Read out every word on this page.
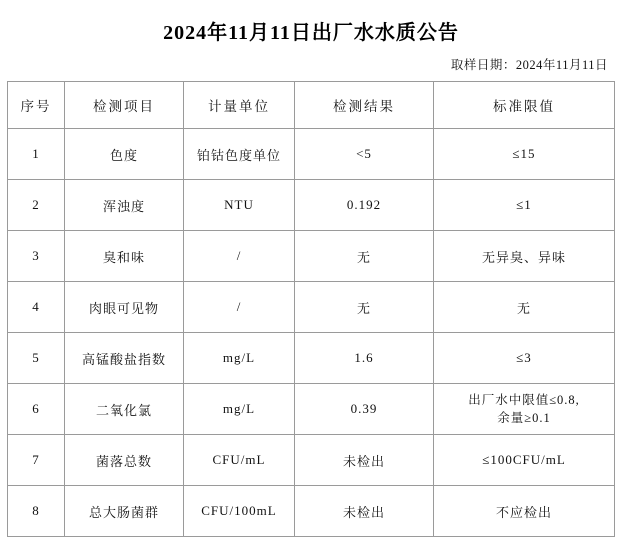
2024年11月11日出厂水水质公告
取样日期：2024年11月11日
序号	检测项目	计量单位	检测结果	标准限值
1	色度	铂钴色度单位	<5	≤15
2	浑浊度	NTU	0.192	≤1
3	臭和味	/	无	无异臭、异味
4	肉眼可见物	/	无	无
5	高锰酸盐指数	mg/L	1.6	≤3
6	二氧化氯	mg/L	0.39	出厂水中限值≤0.8,
余量≥0.1

7	菌落总数	CFU/mL	未检出	≤100CFU/mL
8	总大肠菌群	CFU/100mL	未检出	不应检出
